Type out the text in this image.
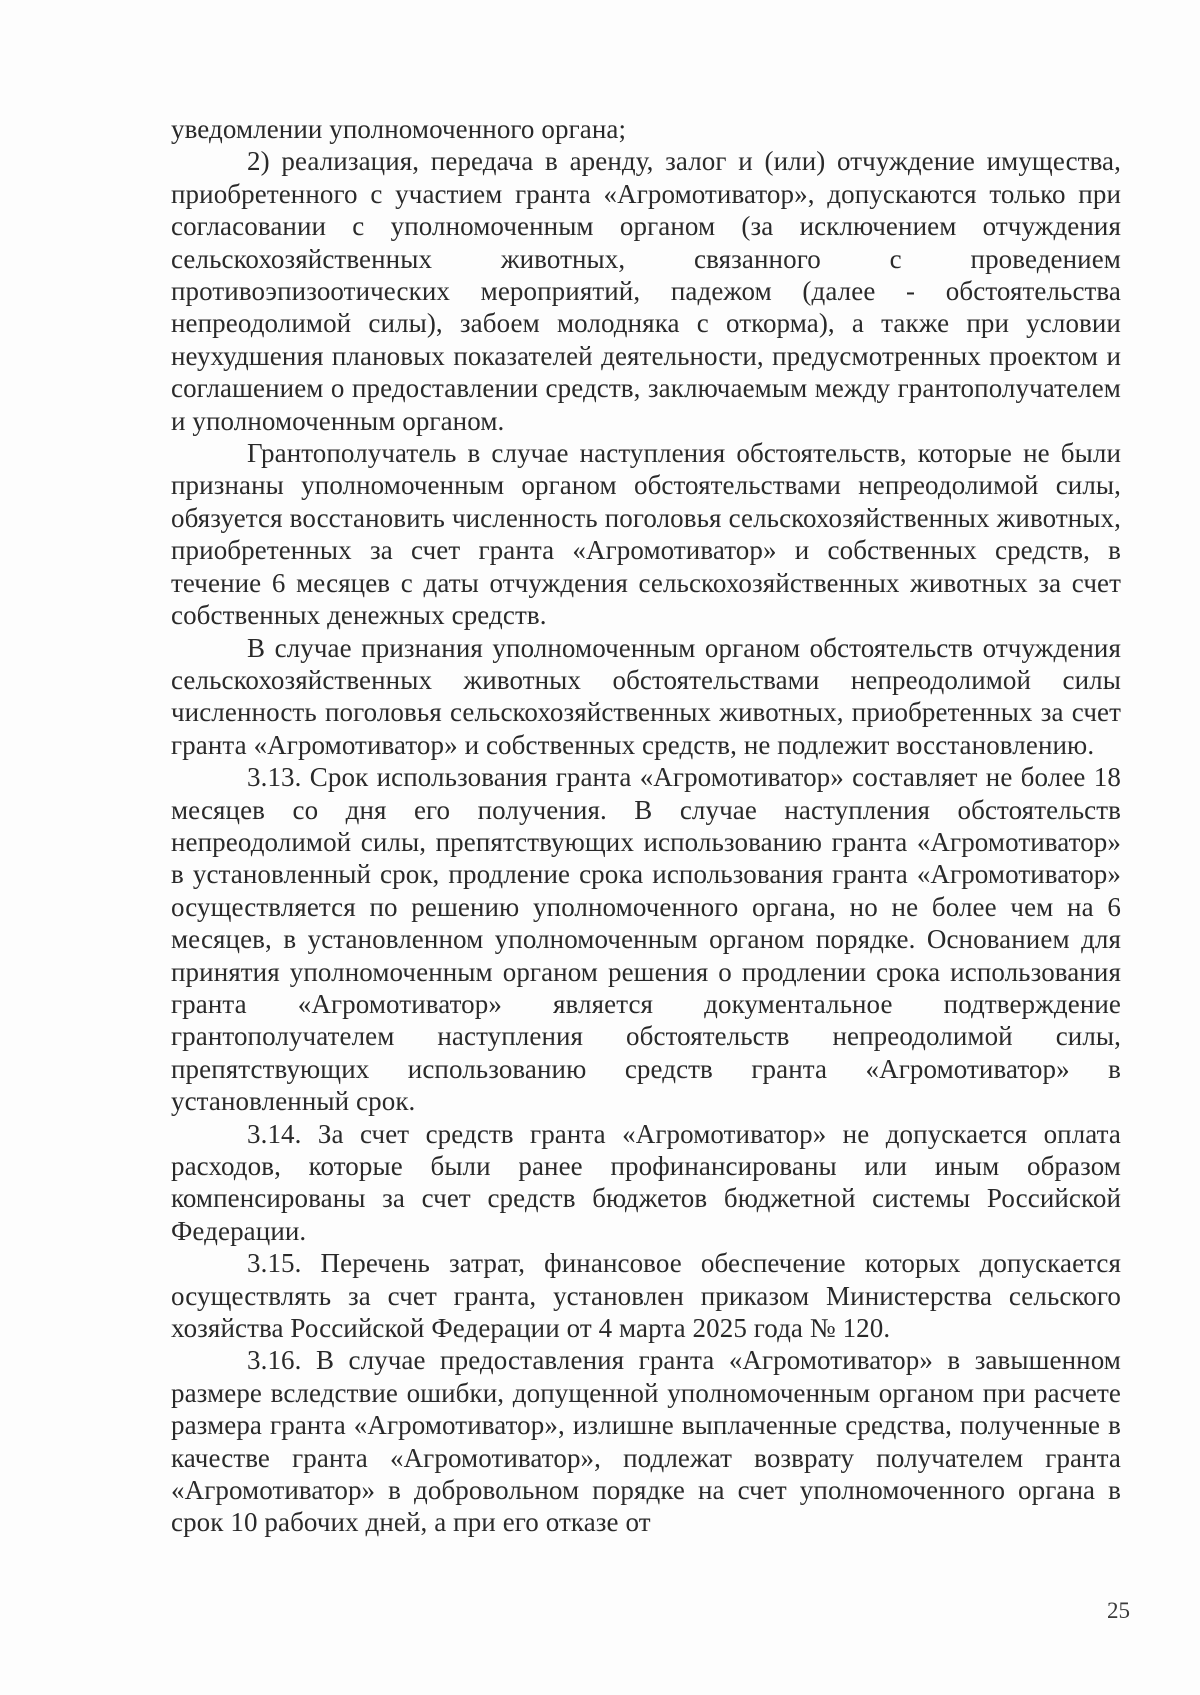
уведомлении уполномоченного органа;

2) реализация, передача в аренду, залог и (или) отчуждение имущества, приобретенного с участием гранта «Агромотиватор», допускаются только при согласовании с уполномоченным органом (за исключением отчуждения сельскохозяйственных животных, связанного с проведением противоэпизоотических мероприятий, падежом (далее - обстоятельства непреодолимой силы), забоем молодняка с откорма), а также при условии неухудшения плановых показателей деятельности, предусмотренных проектом и соглашением о предоставлении средств, заключаемым между грантополучателем и уполномоченным органом.

Грантополучатель в случае наступления обстоятельств, которые не были признаны уполномоченным органом обстоятельствами непреодолимой силы, обязуется восстановить численность поголовья сельскохозяйственных животных, приобретенных за счет гранта «Агромотиватор» и собственных средств, в течение 6 месяцев с даты отчуждения сельскохозяйственных животных за счет собственных денежных средств.

В случае признания уполномоченным органом обстоятельств отчуждения сельскохозяйственных животных обстоятельствами непреодолимой силы численность поголовья сельскохозяйственных животных, приобретенных за счет гранта «Агромотиватор» и собственных средств, не подлежит восстановлению.

3.13. Срок использования гранта «Агромотиватор» составляет не более 18 месяцев со дня его получения. В случае наступления обстоятельств непреодолимой силы, препятствующих использованию гранта «Агромотиватор» в установленный срок, продление срока использования гранта «Агромотиватор» осуществляется по решению уполномоченного органа, но не более чем на 6 месяцев, в установленном уполномоченным органом порядке. Основанием для принятия уполномоченным органом решения о продлении срока использования гранта «Агромотиватор» является документальное подтверждение грантополучателем наступления обстоятельств непреодолимой силы, препятствующих использованию средств гранта «Агромотиватор» в установленный срок.

3.14. За счет средств гранта «Агромотиватор» не допускается оплата расходов, которые были ранее профинансированы или иным образом компенсированы за счет средств бюджетов бюджетной системы Российской Федерации.

3.15. Перечень затрат, финансовое обеспечение которых допускается осуществлять за счет гранта, установлен приказом Министерства сельского хозяйства Российской Федерации от 4 марта 2025 года № 120.

3.16. В случае предоставления гранта «Агромотиватор» в завышенном размере вследствие ошибки, допущенной уполномоченным органом при расчете размера гранта «Агромотиватор», излишне выплаченные средства, полученные в качестве гранта «Агромотиватор», подлежат возврату получателем гранта «Агромотиватор» в добровольном порядке на счет уполномоченного органа в срок 10 рабочих дней, а при его отказе от

25
